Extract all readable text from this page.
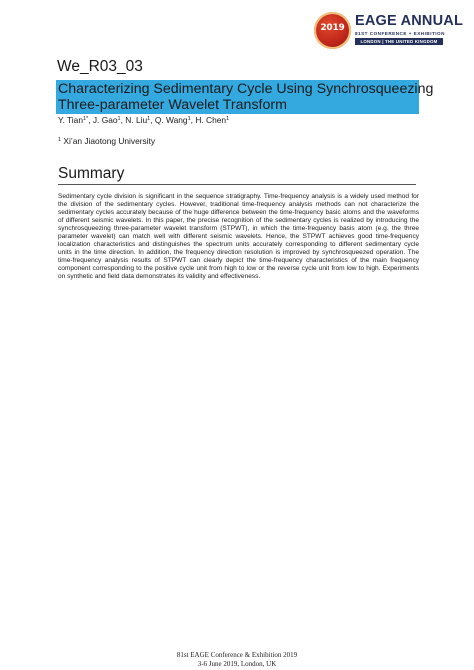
2019 EAGE ANNUAL
81ST CONFERENCE + EXHIBITION
LONDON | THE UNITED KINGDOM
We_R03_03
Characterizing Sedimentary Cycle Using Synchrosqueezing
Three-parameter Wavelet Transform
Y. Tian$^{1*}$, J. Gao$^1$, N. Liu$^1$, Q. Wang$^1$, H. Chen$^1$
$^1$ Xi’an Jiaotong University
Summary
Sedimentary cycle division is significant in the sequence stratigraphy. Time-frequency analysis is a widely used method for the division of the sedimentary cycles. However, traditional time-frequency analysis methods can not characterize the sedimentary cycles accurately because of the huge difference between the time-frequency basic atoms and the waveforms of different seismic wavelets. In this paper, the precise recognition of the sedimentary cycles is realized by introducing the synchrosqueezing three-parameter wavelet transform (STPWT), in which the time-frequency basis atom (e.g. the three parameter wavelet) can match well with different seismic wavelets. Hence, the STPWT achieves good time-frequency localization characteristics and distinguishes the spectrum units accurately corresponding to different sedimentary cycle units in the time direction. In addition, the frequency direction resolution is improved by synchrosqueezed operation. The time-frequency analysis results of STPWT can clearly depict the time-frequency characteristics of the main frequency component corresponding to the positive cycle unit from high to low or the reverse cycle unit from low to high. Experiments on synthetic and field data demonstrates its validity and effectiveness.
81st EAGE Conference & Exhibition 2019
3-6 June 2019, London, UK
